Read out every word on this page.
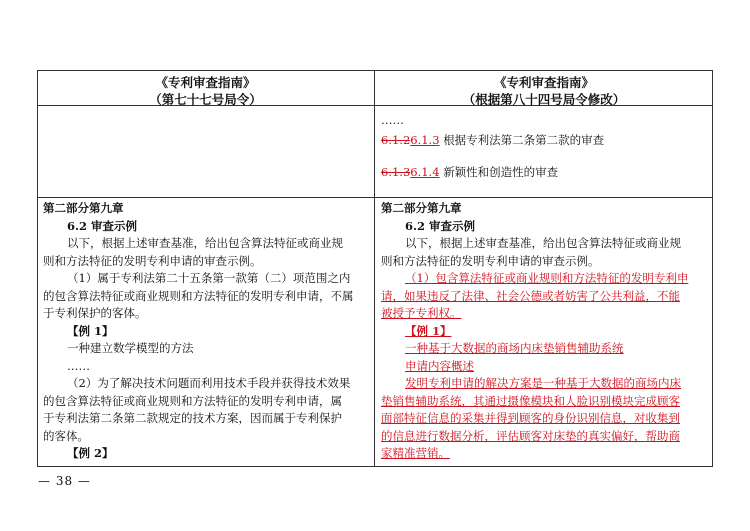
《专利审查指南》
（第七十七号局令）
《专利审查指南》
（根据第八十四号局令修改）
……
6.1.26.1.3 根据专利法第二条第二款的审查
6.1.36.1.4 新颖性和创造性的审查
第二部分第九章
6.2 审查示例
以下，根据上述审查基准，给出包含算法特征或商业规
则和方法特征的发明专利申请的审查示例。
（1）属于专利法第二十五条第一款第（二）项范围之内
的包含算法特征或商业规则和方法特征的发明专利申请，不属
于专利保护的客体。
【例 1】
一种建立数学模型的方法
……
（2）为了解决技术问题而利用技术手段并获得技术效果
的包含算法特征或商业规则和方法特征的发明专利申请，属
于专利法第二条第二款规定的技术方案，因而属于专利保护
的客体。
【例 2】
第二部分第九章
6.2 审查示例
以下，根据上述审查基准，给出包含算法特征或商业规
则和方法特征的发明专利申请的审查示例。
（1）包含算法特征或商业规则和方法特征的发明专利申
请，如果违反了法律、社会公德或者妨害了公共利益，不能
被授予专利权。
【例 1】
一种基于大数据的商场内床垫销售辅助系统
申请内容概述
发明专利申请的解决方案是一种基于大数据的商场内床
垫销售辅助系统，其通过摄像模块和人脸识别模块完成顾客
面部特征信息的采集并得到顾客的身份识别信息，对收集到
的信息进行数据分析，评估顾客对床垫的真实偏好，帮助商
家精准营销。
— 38 —
